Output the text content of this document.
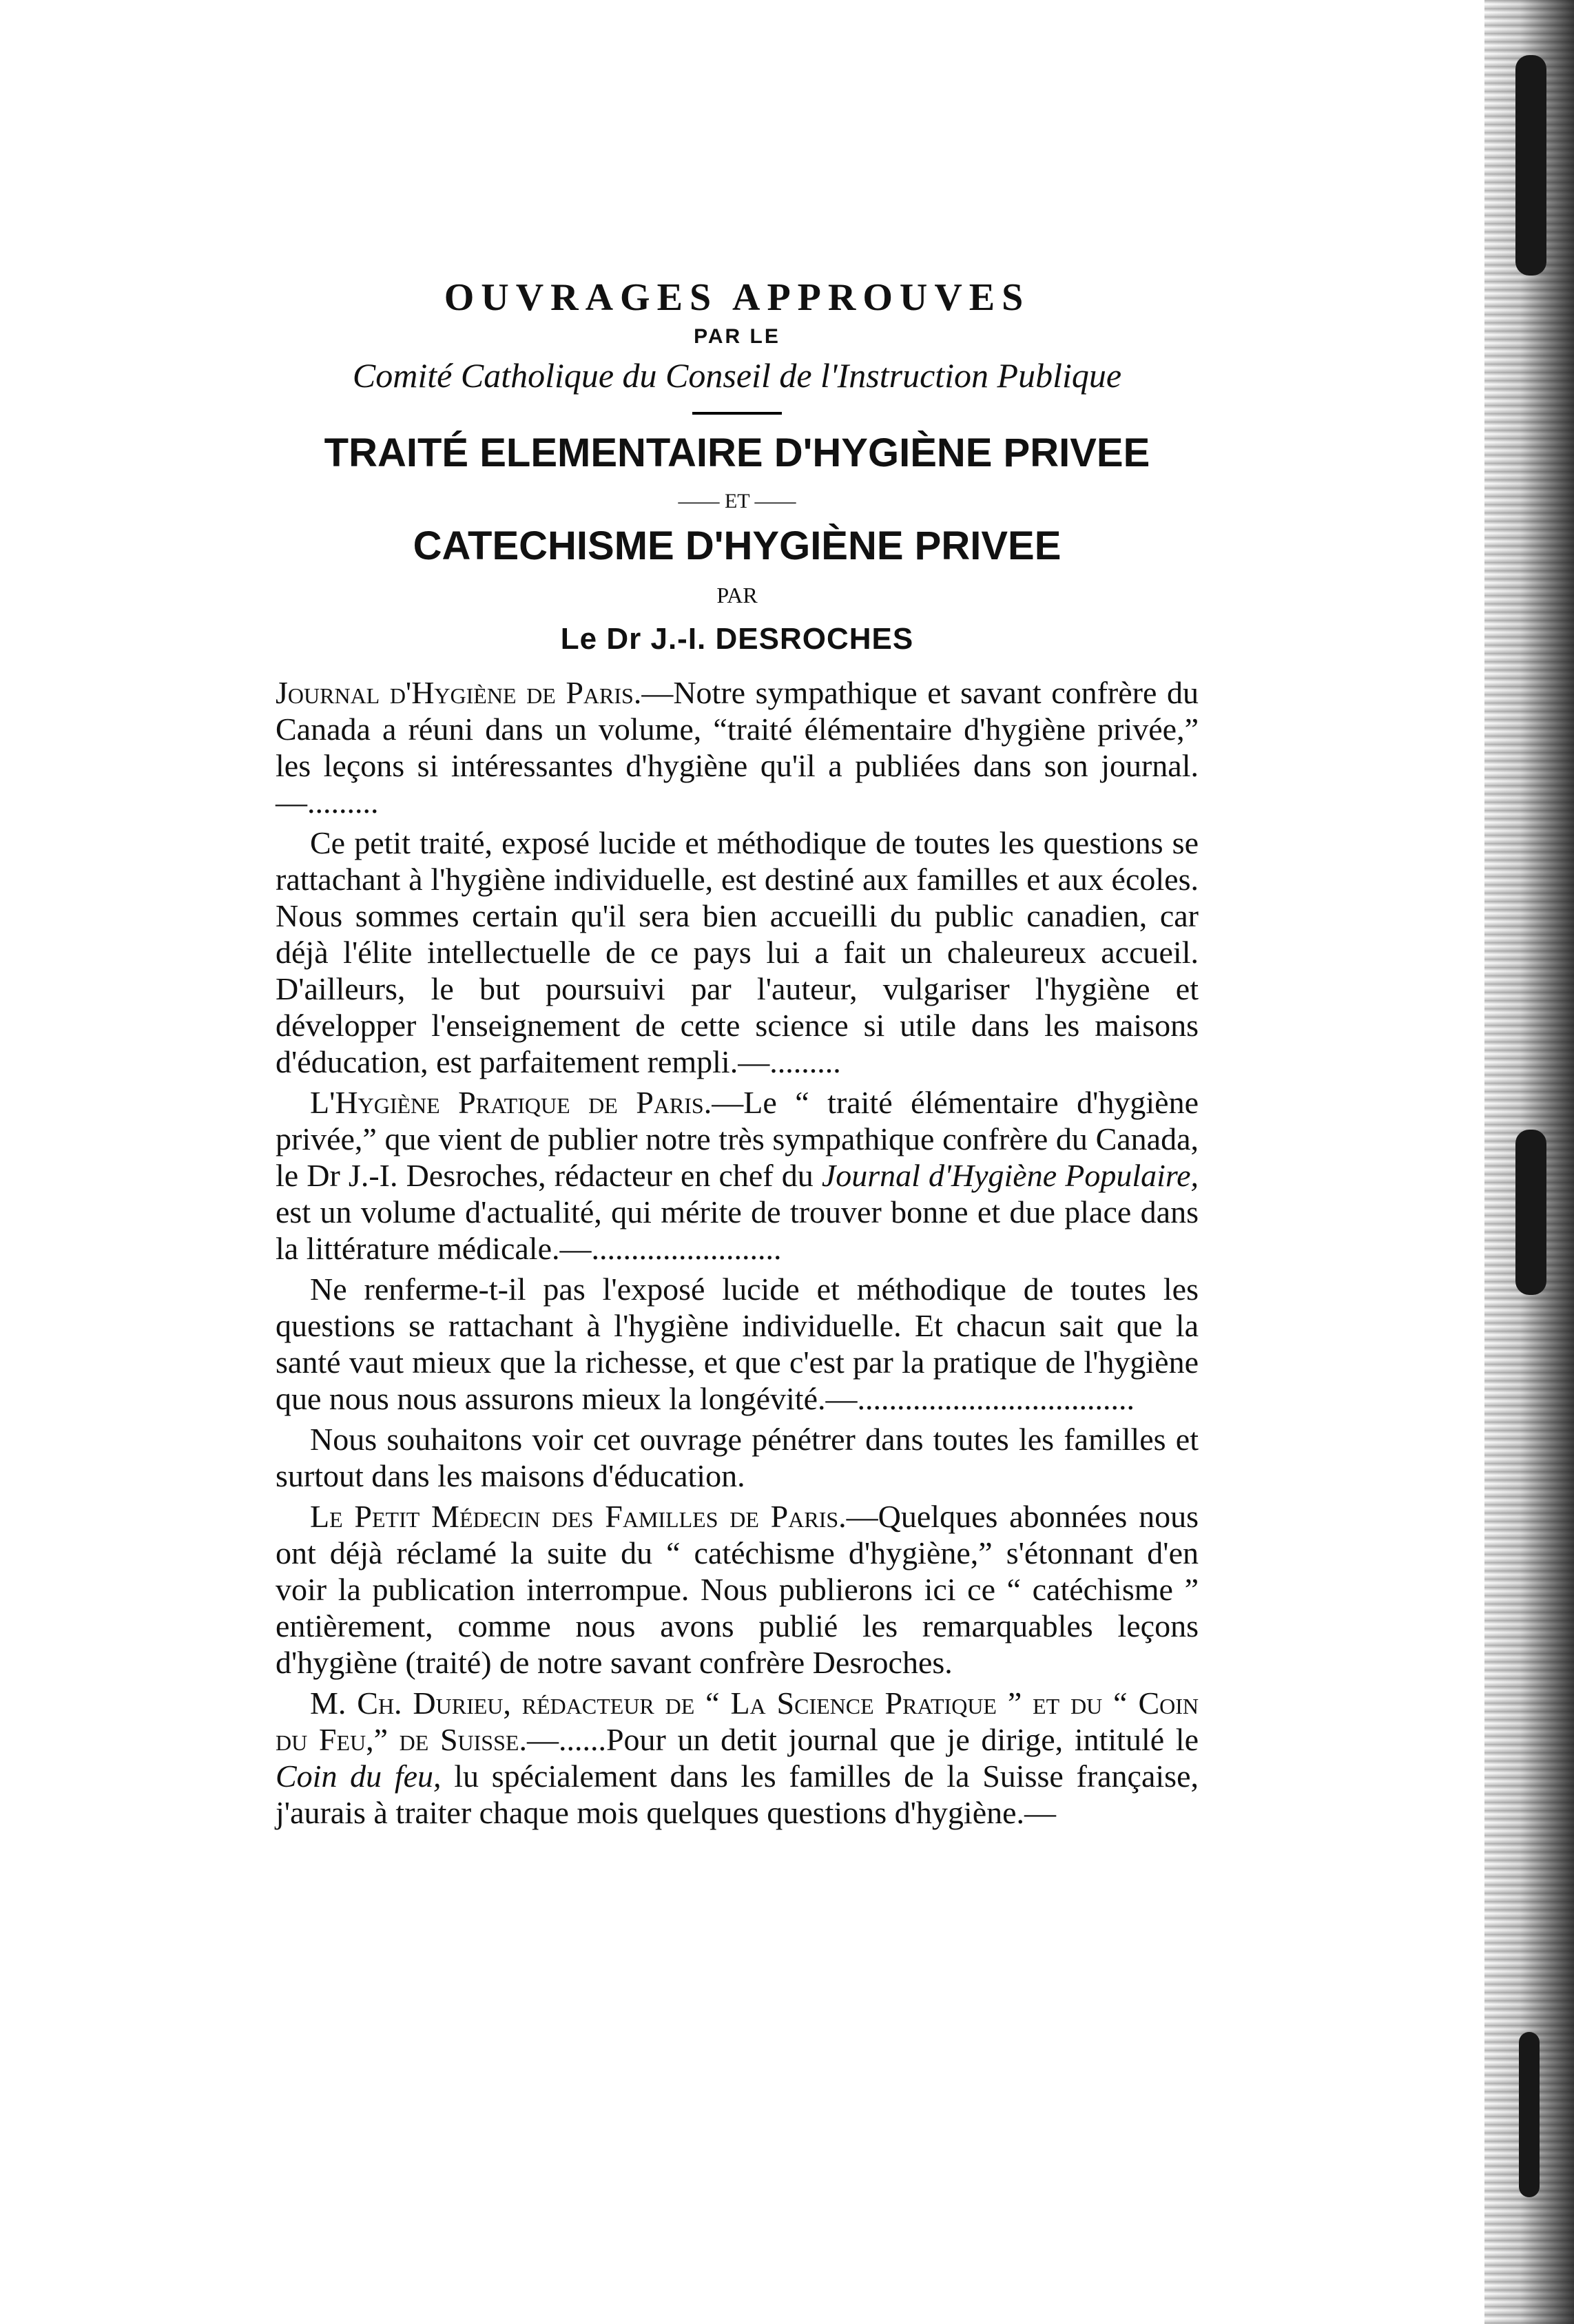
OUVRAGES APPROUVES
PAR LE
Comité Catholique du Conseil de l'Instruction Publique
TRAITÉ ELEMENTAIRE D'HYGIÈNE PRIVEE
—— ET ——
CATECHISME D'HYGIÈNE PRIVEE
PAR
Le Dr J.-I. DESROCHES

Journal d'Hygiène de Paris.—Notre sympathique et savant confrère du Canada a réuni dans un volume, “traité élémentaire d'hygiène privée,” les leçons si intéressantes d'hygiène qu'il a publiées dans son journal.—.........

Ce petit traité, exposé lucide et méthodique de toutes les questions se rattachant à l'hygiène individuelle, est destiné aux familles et aux écoles. Nous sommes certain qu'il sera bien accueilli du public canadien, car déjà l'élite intellectuelle de ce pays lui a fait un chaleureux accueil. D'ailleurs, le but poursuivi par l'auteur, vulgariser l'hygiène et développer l'enseignement de cette science si utile dans les maisons d'éducation, est parfaitement rempli.—.........

L'Hygiène Pratique de Paris.—Le “ traité élémentaire d'hygiène privée,” que vient de publier notre très sympathique confrère du Canada, le Dr J.-I. Desroches, rédacteur en chef du Journal d'Hygiène Populaire, est un volume d'actualité, qui mérite de trouver bonne et due place dans la littérature médicale.—........................

Ne renferme-t-il pas l'exposé lucide et méthodique de toutes les questions se rattachant à l'hygiène individuelle. Et chacun sait que la santé vaut mieux que la richesse, et que c'est par la pratique de l'hygiène que nous nous assurons mieux la longévité.—...................................

Nous souhaitons voir cet ouvrage pénétrer dans toutes les familles et surtout dans les maisons d'éducation.

Le Petit Médecin des Familles de Paris.—Quelques abonnées nous ont déjà réclamé la suite du “ catéchisme d'hygiène,” s'étonnant d'en voir la publication interrompue. Nous publierons ici ce “ catéchisme ” entièrement, comme nous avons publié les remarquables leçons d'hygiène (traité) de notre savant confrère Desroches.

M. Ch. Durieu, rédacteur de “ La Science Pratique ” et du “ Coin du Feu,” de Suisse.—......Pour un detit journal que je dirige, intitulé le Coin du feu, lu spécialement dans les familles de la Suisse française, j'aurais à traiter chaque mois quelques questions d'hygiène.—
